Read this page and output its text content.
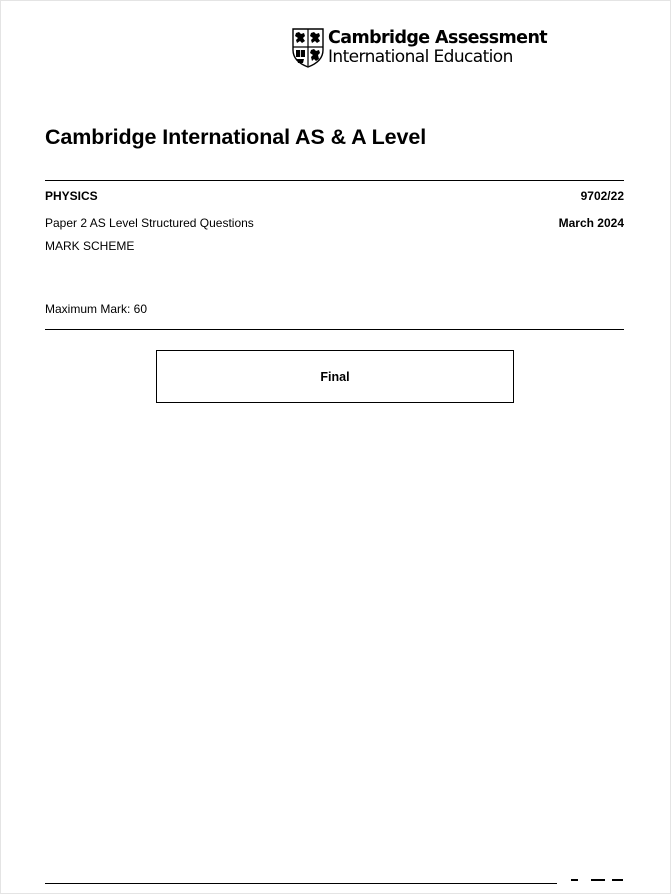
Cambridge Assessment
International Education
Cambridge International AS & A Level
PHYSICS	9702/22
Paper 2 AS Level Structured Questions	March 2024
MARK SCHEME
Maximum Mark: 60
Final
